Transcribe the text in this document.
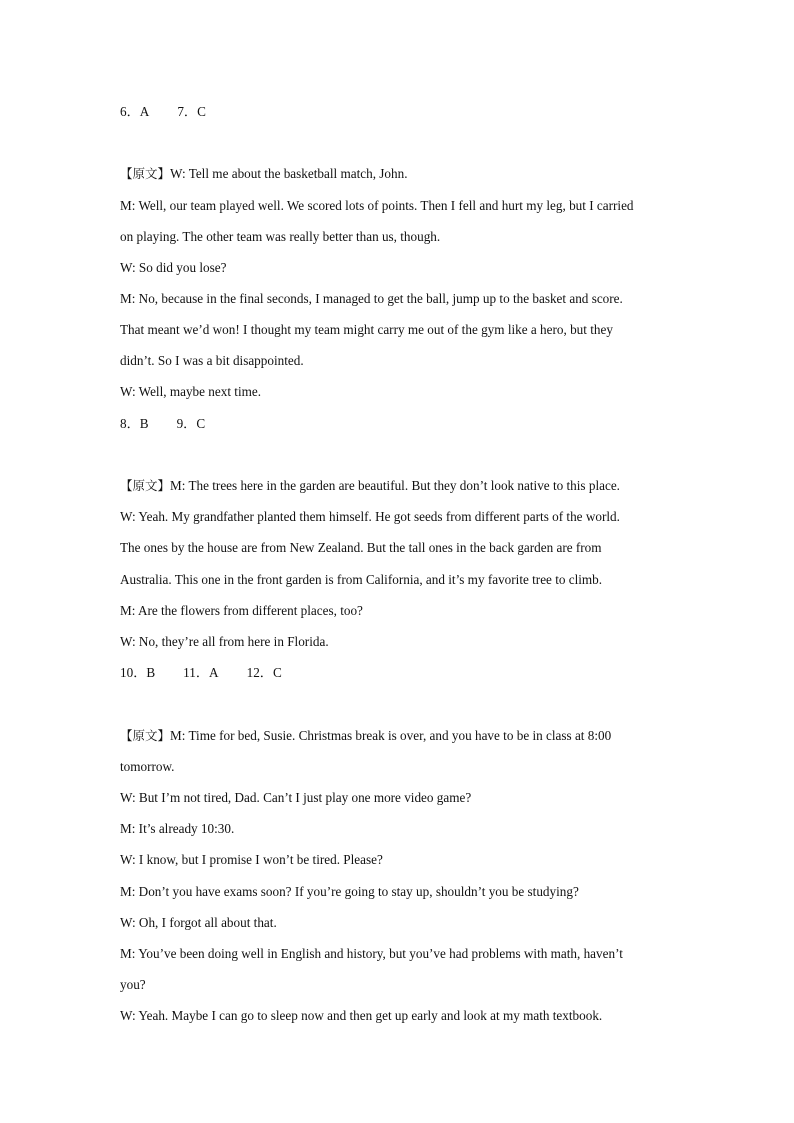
6．A 7．C
【原文】W: Tell me about the basketball match, John.
M: Well, our team played well. We scored lots of points. Then I fell and hurt my leg, but I carried
on playing. The other team was really better than us, though.
W: So did you lose?
M: No, because in the final seconds, I managed to get the ball, jump up to the basket and score.
That meant we’d won! I thought my team might carry me out of the gym like a hero, but they
didn’t. So I was a bit disappointed.
W: Well, maybe next time.
8．B 9．C
【原文】M: The trees here in the garden are beautiful. But they don’t look native to this place.
W: Yeah. My grandfather planted them himself. He got seeds from different parts of the world.
The ones by the house are from New Zealand. But the tall ones in the back garden are from
Australia. This one in the front garden is from California, and it’s my favorite tree to climb.
M: Are the flowers from different places, too?
W: No, they’re all from here in Florida.
10．B 11．A 12．C
【原文】M: Time for bed, Susie. Christmas break is over, and you have to be in class at 8:00
tomorrow.
W: But I’m not tired, Dad. Can’t I just play one more video game?
M: It’s already 10:30.
W: I know, but I promise I won’t be tired. Please?
M: Don’t you have exams soon? If you’re going to stay up, shouldn’t you be studying?
W: Oh, I forgot all about that.
M: You’ve been doing well in English and history, but you’ve had problems with math, haven’t
you?
W: Yeah. Maybe I can go to sleep now and then get up early and look at my math textbook.
